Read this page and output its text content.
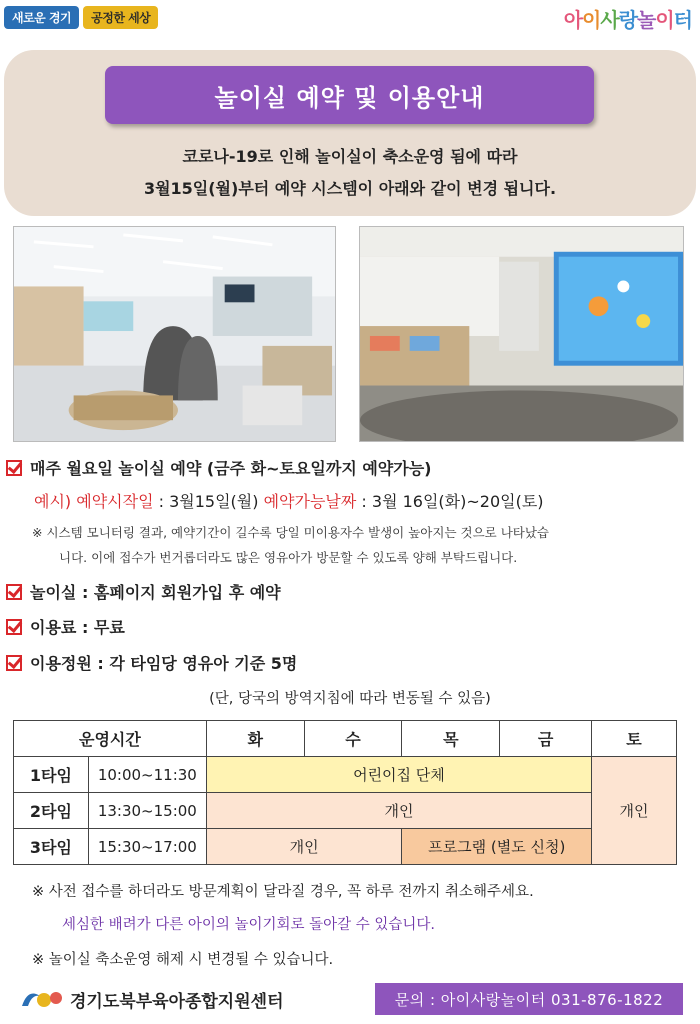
새로운 경기	공정한 세상	아이사랑놀이터
놀이실 예약 및 이용안내
코로나-19로 인해 놀이실이 축소운영 됨에 따라
3월15일(월)부터 예약 시스템이 아래와 같이 변경 됩니다.
매주 월요일 놀이실 예약 (금주 화~토요일까지 예약가능)
예시)
예약시작일 : 3월15일(월) 예약가능날짜 : 3월 16일(화)~20일(토)
※ 시스템 모니터링 결과, 예약기간이 길수록 당일 미이용자수 발생이 높아지는 것으로 나타났습
니다. 이에 접수가 번거롭더라도 많은 영유아가 방문할 수 있도록 양해 부탁드립니다.
놀이실 : 홈페이지 회원가입 후 예약
이용료 : 무료
이용정원 : 각 타임당 영유아 기준 5명
(단, 당국의 방역지침에 따라 변동될 수 있음)
운영시간		화	수	목	금	토
1타임	10:00~11:30	어린이집 단체				개인
2타임	13:30~15:00	개인				
3타임	15:30~17:00	개인		프로그램 (별도 신청)		
※ 사전 접수를 하더라도 방문계획이 달라질 경우, 꼭 하루 전까지 취소해주세요.
세심한 배려가 다른 아이의 놀이기회로 돌아갈 수 있습니다.
※ 놀이실 축소운영 해제 시 변경될 수 있습니다.
경기도북부육아종합지원센터	문의 : 아이사랑놀이터 031-876-1822
